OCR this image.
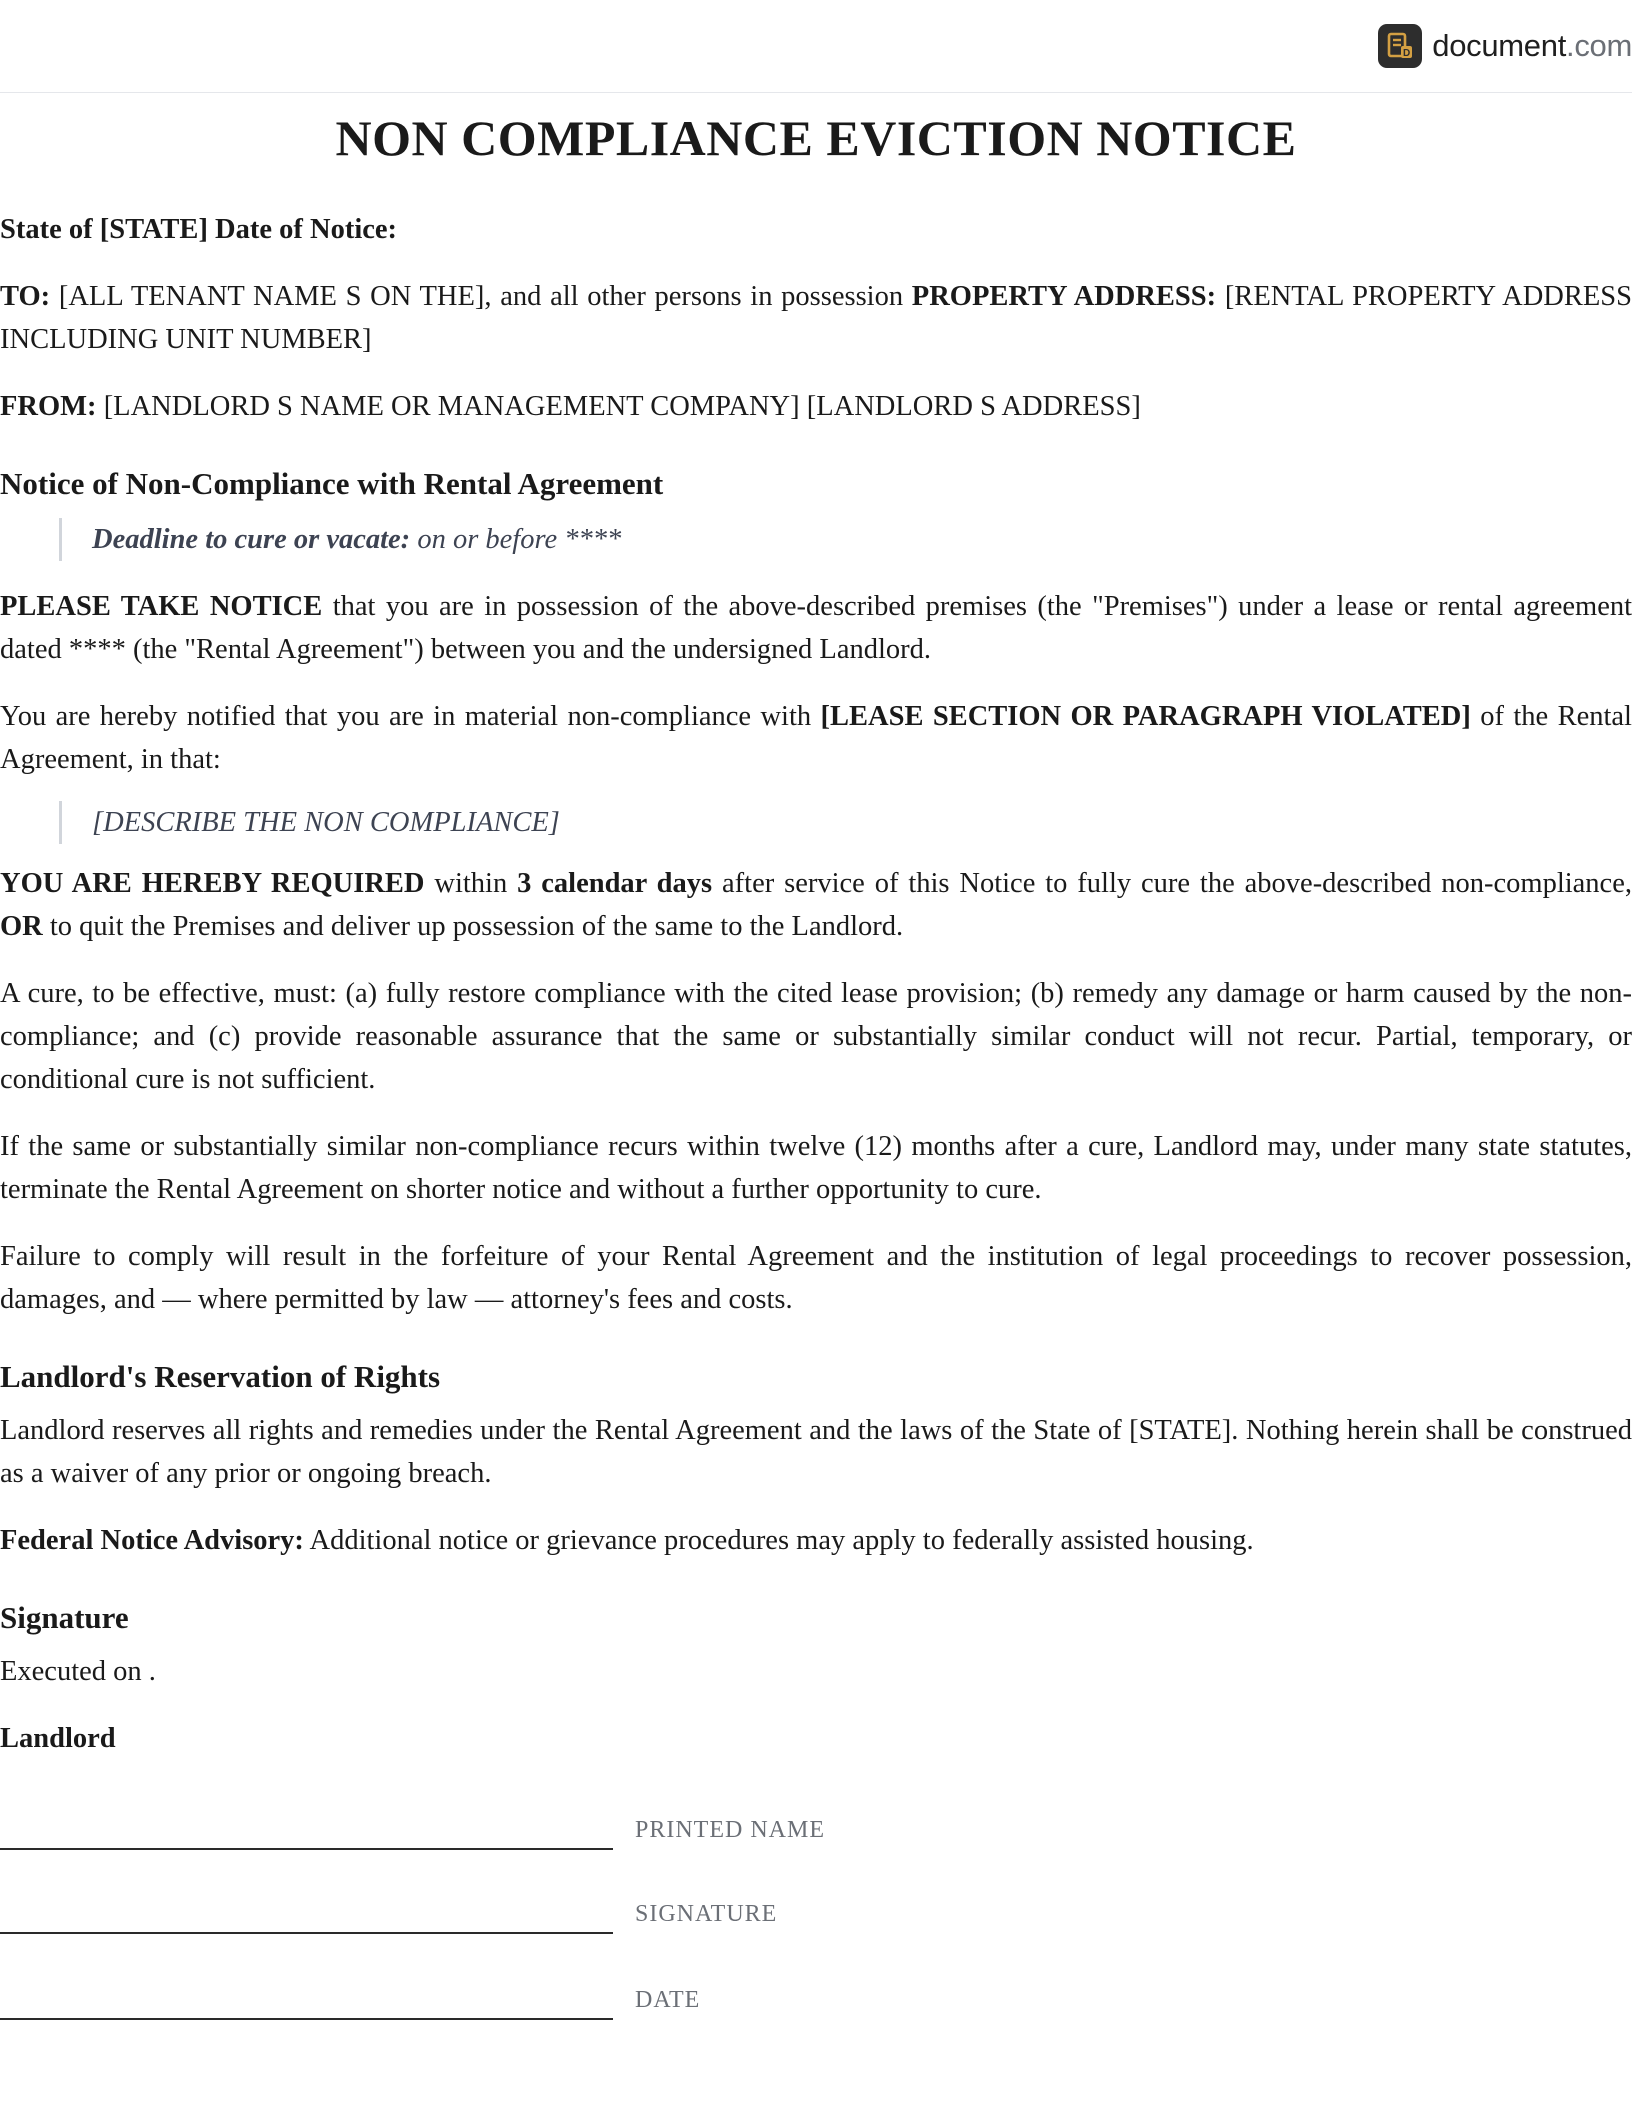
D document.com
NON COMPLIANCE EVICTION NOTICE

State of [STATE] Date of Notice:

TO: [ALL TENANT NAME S ON THE], and all other persons in possession PROPERTY ADDRESS: [RENTAL PROPERTY ADDRESS INCLUDING UNIT NUMBER]

FROM: [LANDLORD S NAME OR MANAGEMENT COMPANY] [LANDLORD S ADDRESS]

Notice of Non-Compliance with Rental Agreement
Deadline to cure or vacate: on or before ****

PLEASE TAKE NOTICE that you are in possession of the above-described premises (the "Premises") under a lease or rental agreement dated **** (the "Rental Agreement") between you and the undersigned Landlord.

You are hereby notified that you are in material non-compliance with [LEASE SECTION OR PARAGRAPH VIOLATED] of the Rental Agreement, in that:

[DESCRIBE THE NON COMPLIANCE]

YOU ARE HEREBY REQUIRED within 3 calendar days after service of this Notice to fully cure the above-described non-compliance, OR to quit the Premises and deliver up possession of the same to the Landlord.

A cure, to be effective, must: (a) fully restore compliance with the cited lease provision; (b) remedy any damage or harm caused by the non-compliance; and (c) provide reasonable assurance that the same or substantially similar conduct will not recur. Partial, temporary, or conditional cure is not sufficient.

If the same or substantially similar non-compliance recurs within twelve (12) months after a cure, Landlord may, under many state statutes, terminate the Rental Agreement on shorter notice and without a further opportunity to cure.

Failure to comply will result in the forfeiture of your Rental Agreement and the institution of legal proceedings to recover possession, damages, and — where permitted by law — attorney's fees and costs.

Landlord's Reservation of Rights

Landlord reserves all rights and remedies under the Rental Agreement and the laws of the State of [STATE]. Nothing herein shall be construed as a waiver of any prior or ongoing breach.

Federal Notice Advisory: Additional notice or grievance procedures may apply to federally assisted housing.

Signature

Executed on .

Landlord

PRINTED NAME
SIGNATURE
DATE
